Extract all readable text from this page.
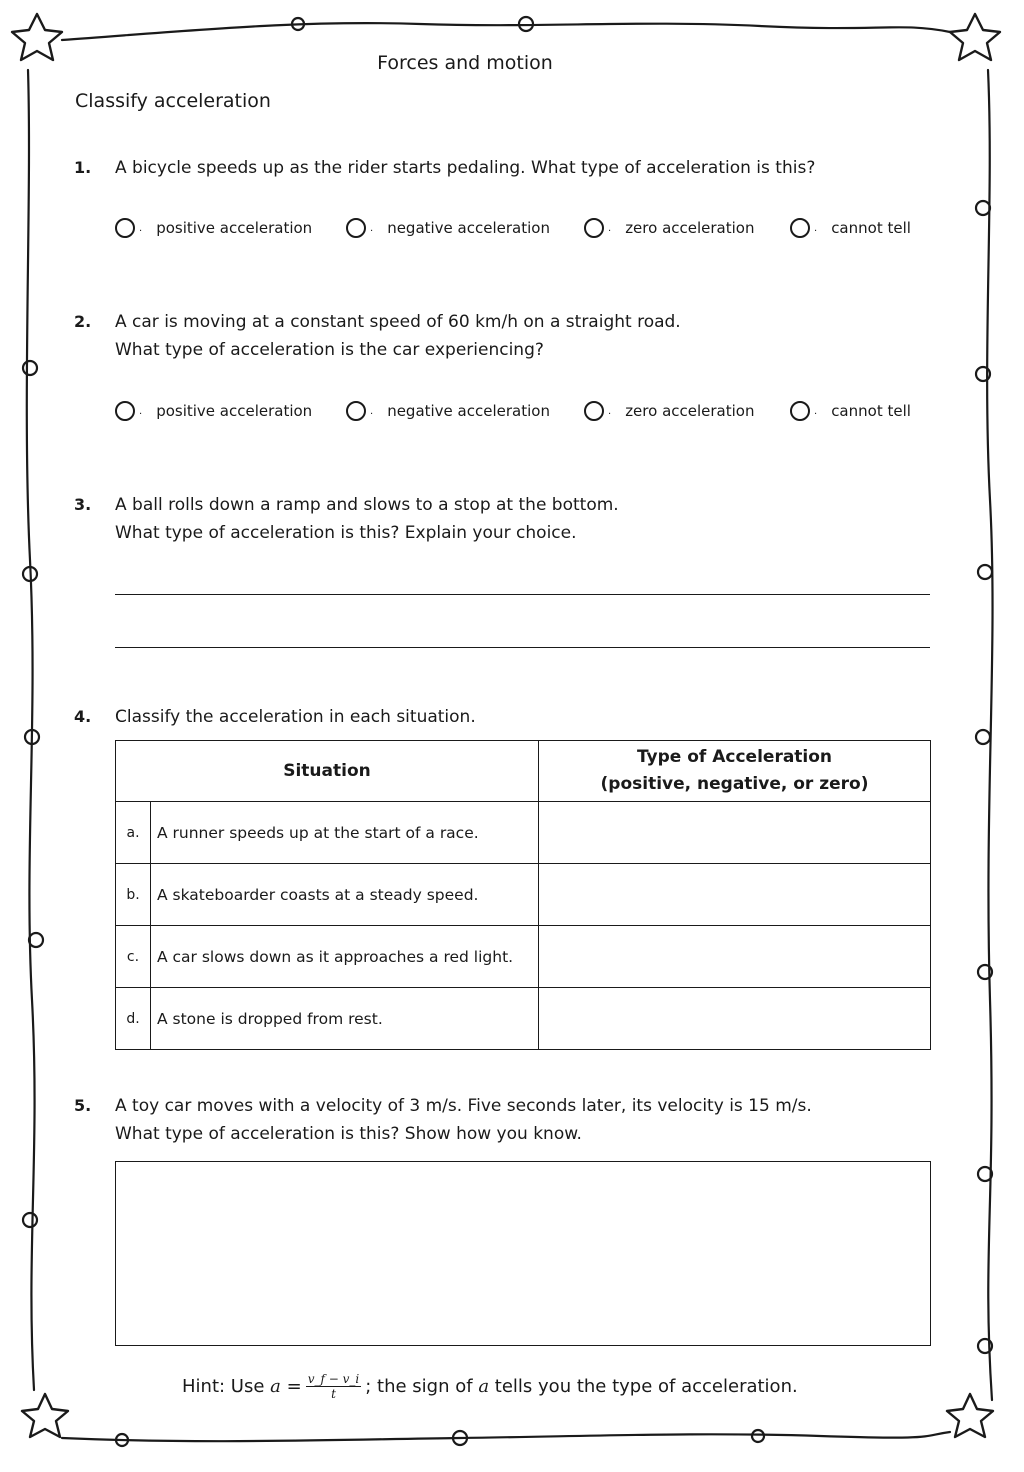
Forces and motion
Classify acceleration
1. A bicycle speeds up as the rider starts pedaling. What type of acceleration is this?
. positive acceleration	. negative acceleration	. zero acceleration	. cannot tell
2. A car is moving at a constant speed of 60 km/h on a straight road.
What type of acceleration is the car experiencing?
. positive acceleration	. negative acceleration	. zero acceleration	. cannot tell
3. A ball rolls down a ramp and slows to a stop at the bottom.
What type of acceleration is this? Explain your choice.
4. Classify the acceleration in each situation.
Situation		Type of Acceleration
(positive, negative, or zero)

a.	A runner speeds up at the start of a race.	
b.	A skateboarder coasts at a steady speed.	
c.	A car slows down as it approaches a red light.	
d.	A stone is dropped from rest.	
5. A toy car moves with a velocity of 3 m/s. Five seconds later, its velocity is 15 m/s.
What type of acceleration is this? Show how you know.
Hint: Use
a
= $\frac{v\_f - v\_i}{t}$ ; the sign of
a
tells you the type of acceleration.
